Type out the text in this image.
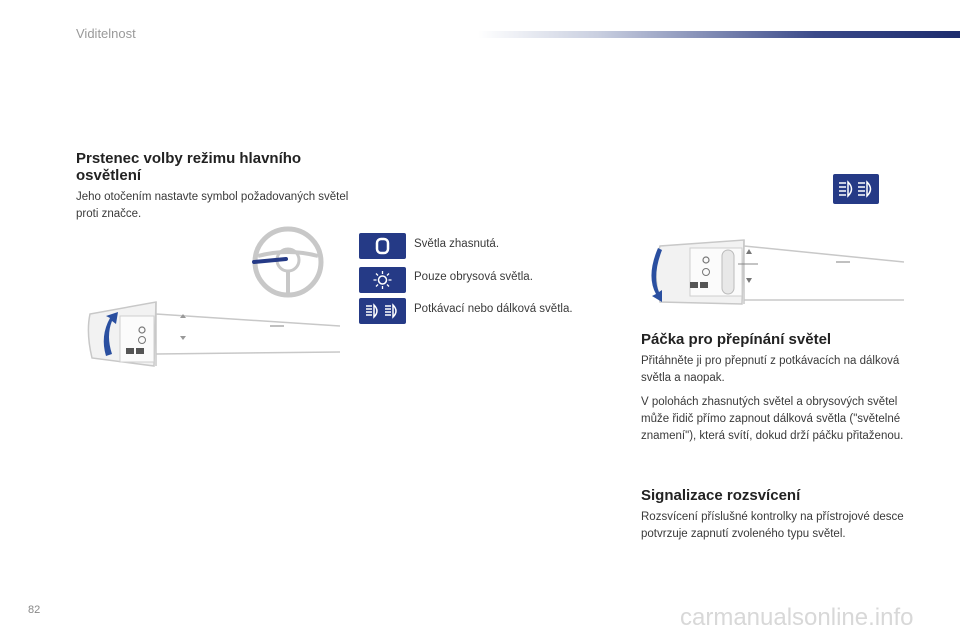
Viditelnost
Prstenec volby režimu hlavního osvětlení
Jeho otočením nastavte symbol požadovaných světel proti značce.
Světla zhasnutá.
Pouze obrysová světla.
Potkávací nebo dálková světla.
Páčka pro přepínání světel
Přitáhněte ji pro přepnutí z potkávacích na dálková světla a naopak.
V polohách zhasnutých světel a obrysových světel může řidič přímo zapnout dálková světla ("světelné znamení"), která svítí, dokud drží páčku přitaženou.
Signalizace rozsvícení
Rozsvícení příslušné kontrolky na přístrojové desce potvrzuje zapnutí zvoleného typu světel.
82	carmanualsonline.info
